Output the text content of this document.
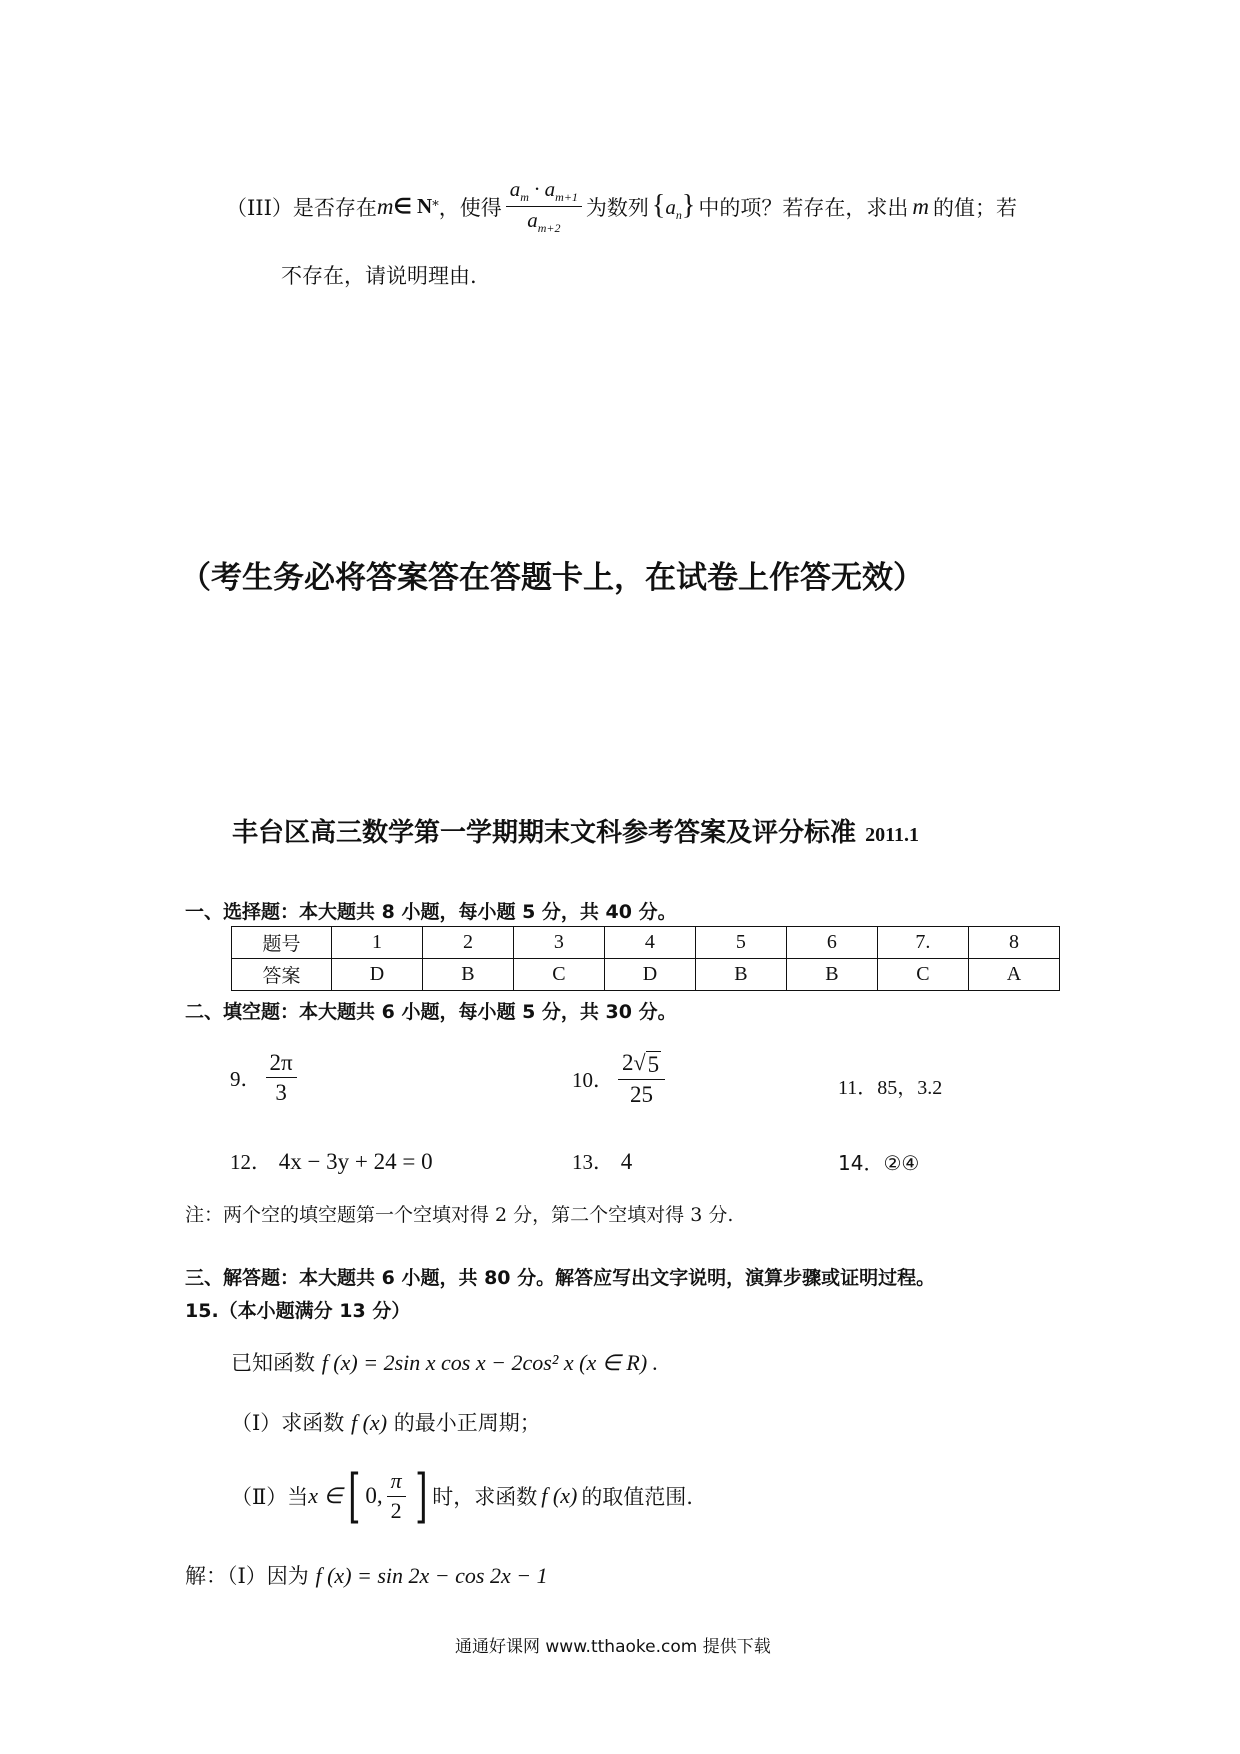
（III）是否存在 m ∈ N * ，使得 $\frac{a_m \cdot a_{m+1}}{a_{m+2}}$ 为数列 $\{a_n\}$ 中的项？若存在，求出 m 的值；若
不存在，请说明理由.
（考生务必将答案答在答题卡上，在试卷上作答无效）
丰台区高三数学第一学期期末文科参考答案及评分标准 2011.1
一、选择题：本大题共 8 小题，每小题 5 分，共 40 分。
题号	1	2	3	4	5	6	7.	8
答案	D	B	C	D	B	B	C	A
二、填空题：本大题共 6 小题，每小题 5 分，共 30 分。
9． $\frac{2\pi}{3}$	10． $\frac{2 √ 5}{25}$	11．85，3.2
12． 4x − 3y + 24 = 0	13． 4	14．②④
注：两个空的填空题第一个空填对得 2 分，第二个空填对得 3 分.
三、解答题：本大题共 6 小题，共 80 分。解答应写出文字说明，演算步骤或证明过程。
15.（本小题满分 13 分）
已知函数 f (x) = 2sin x cos x − 2cos² x (x ∈ R) .
（Ⅰ）求函数 f (x) 的最小正周期；
（Ⅱ）当 x ∈ [ 0, $\frac{\pi}{2}$ ] 时，求函数 f (x) 的取值范围.
解：（Ⅰ）因为 f (x) = sin 2x − cos 2x − 1
通通好课网 www.tthaoke.com 提供下载
